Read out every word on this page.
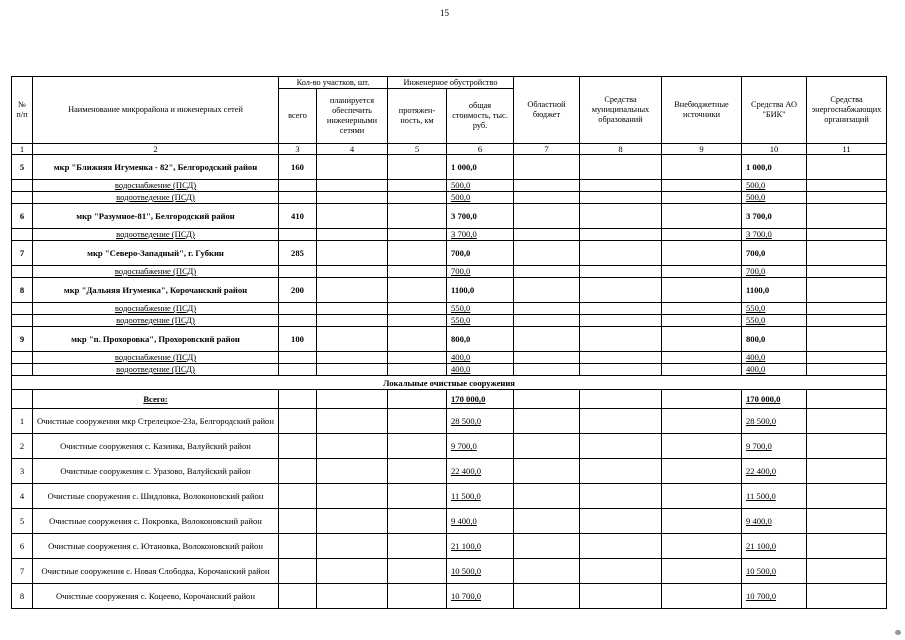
15
№ п/п	Наименование микрорайона и инженерных сетей	Кол-во участков, шт.		Инженерное обустройство		Областной бюджет	Средства муниципальных образований	Внебюджетные источники	Средства АО "БИК"	Средства энергоснабжающих организаций
		всего	планируется обеспечить инженерными сетями	протяжен-ность, км	общая стоимость, тыс. руб.					
1	2	3	4	5	6	7	8	9	10	11
5	мкр "Ближняя Игуменка - 82", Белгородский район	160			1 000,0				1 000,0	
	водоснабжение (ПСД)				500,0				500,0	
	водоотведение (ПСД)				500,0				500,0	
6	мкр "Разумное-81", Белгородский район	410			3 700,0				3 700,0	
	водоотведение (ПСД)				3 700,0				3 700,0	
7	мкр "Северо-Западный", г. Губкин	285			700,0				700,0	
	водоснабжение (ПСД)				700,0				700,0	
8	мкр "Дальняя Игуменка", Корочанский район	200			1100,0				1100,0	
	водоснабжение (ПСД)				550,0				550,0	
	водоотведение (ПСД)				550,0				550,0	
9	мкр "п. Прохоровка", Прохоровский район	100			800,0				800,0	
	водоснабжение (ПСД)				400,0				400,0	
	водоотведение (ПСД)				400,0				400,0	
Локальные очистные сооружения										
	Всего:				170 000,0				170 000,0	
1	Очистные сооружения мкр Стрелецкое-23а, Белгородский район				28 500,0				28 500,0	
2	Очистные сооружения с. Казинка, Валуйский район				9 700,0				9 700,0	
3	Очистные сооружения с. Уразово, Валуйский район				22 400,0				22 400,0	
4	Очистные сооружения с. Шидловка, Волоконовский район				11 500,0				11 500,0	
5	Очистные сооружения с. Покровка, Волоконовский район				9 400,0				9 400,0	
6	Очистные сооружения с. Ютановка, Волоконовский район				21 100,0				21 100,0	
7	Очистные сооружения с. Новая Слободка, Корочанский район				10 500,0				10 500,0	
8	Очистные сооружения с. Коцеево, Корочанский район				10 700,0				10 700,0	
